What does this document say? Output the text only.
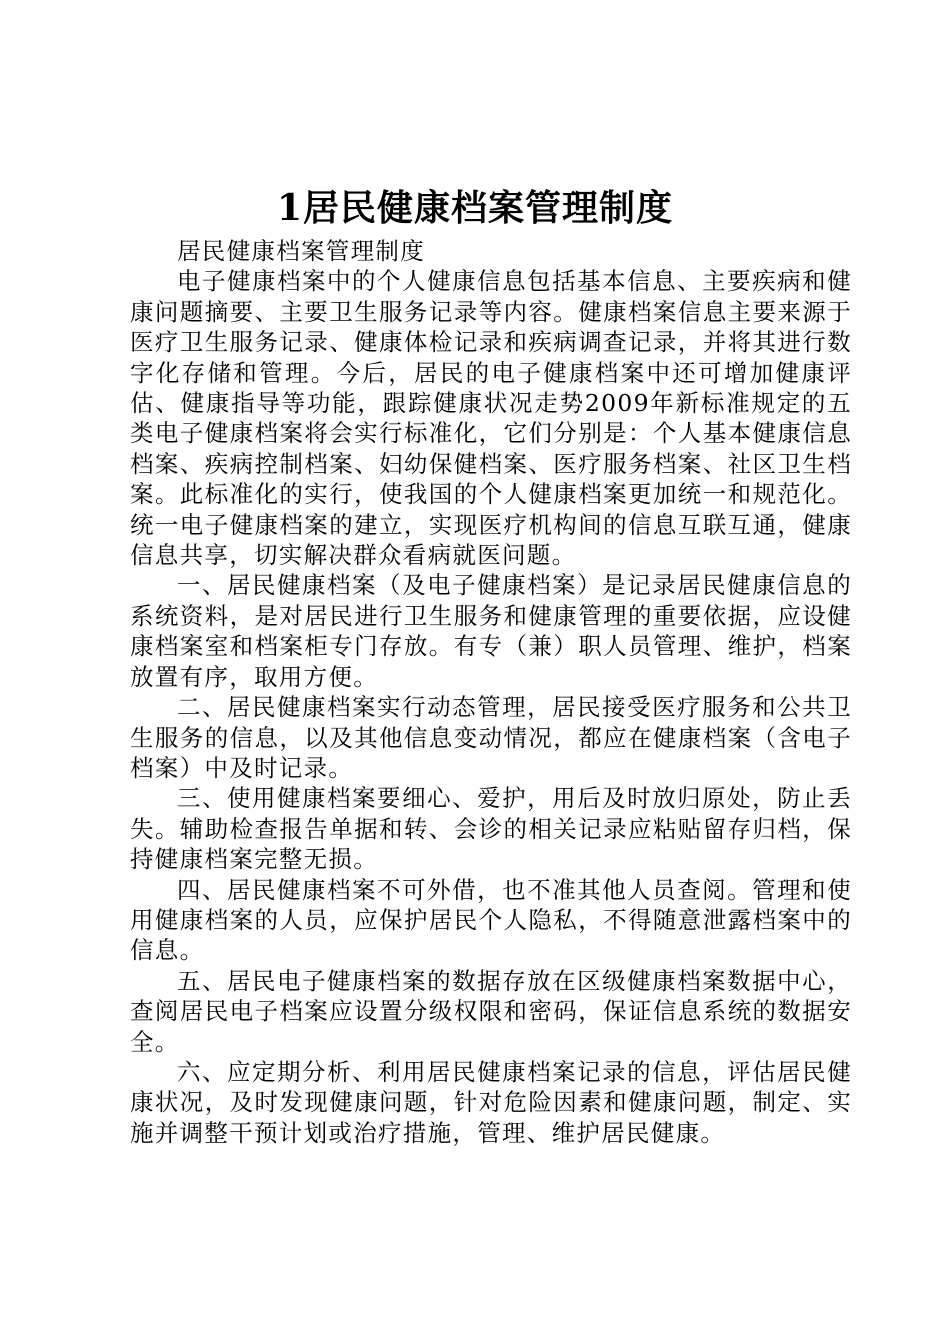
1居民健康档案管理制度

居民健康档案管理制度

电子健康档案中的个人健康信息包括基本信息、主要疾病和健康问题摘要、主要卫生服务记录等内容。健康档案信息主要来源于医疗卫生服务记录、健康体检记录和疾病调查记录，并将其进行数字化存储和管理。今后，居民的电子健康档案中还可增加健康评估、健康指导等功能，跟踪健康状况走势2009年新标准规定的五类电子健康档案将会实行标准化，它们分别是：个人基本健康信息档案、疾病控制档案、妇幼保健档案、医疗服务档案、社区卫生档案。此标准化的实行，使我国的个人健康档案更加统一和规范化。统一电子健康档案的建立，实现医疗机构间的信息互联互通，健康信息共享，切实解决群众看病就医问题。

一、居民健康档案（及电子健康档案）是记录居民健康信息的系统资料，是对居民进行卫生服务和健康管理的重要依据，应设健康档案室和档案柜专门存放。有专（兼）职人员管理、维护，档案放置有序，取用方便。

二、居民健康档案实行动态管理，居民接受医疗服务和公共卫生服务的信息，以及其他信息变动情况，都应在健康档案（含电子档案）中及时记录。

三、使用健康档案要细心、爱护，用后及时放归原处，防止丢失。辅助检查报告单据和转、会诊的相关记录应粘贴留存归档，保持健康档案完整无损。

四、居民健康档案不可外借，也不准其他人员查阅。管理和使用健康档案的人员，应保护居民个人隐私，不得随意泄露档案中的信息。

五、居民电子健康档案的数据存放在区级健康档案数据中心，查阅居民电子档案应设置分级权限和密码，保证信息系统的数据安全。

六、应定期分析、利用居民健康档案记录的信息，评估居民健康状况，及时发现健康问题，针对危险因素和健康问题，制定、实施并调整干预计划或治疗措施，管理、维护居民健康。
